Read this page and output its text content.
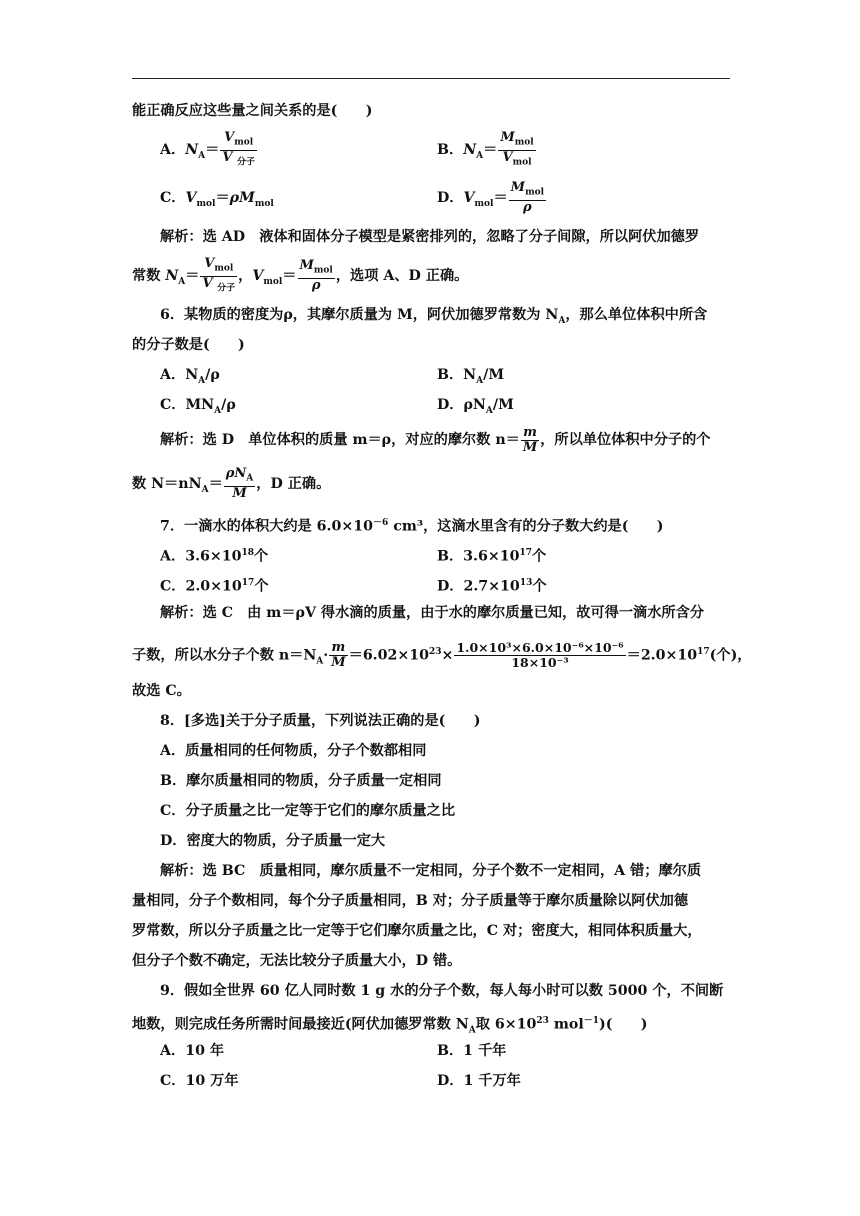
能正确反应这些量之间关系的是(　　)
A．$N_A=$
$V_{mol}$
V $_{分子}$
B．$N_A=$
$M_{mol}$
$V_{mol}$
C．$V_{mol}=\rho M_{mol}$	D．$V_{mol}=$
$M_{mol}$
ρ
解析：选 AD　液体和固体分子模型是紧密排列的，忽略了分子间隙，所以阿伏加德罗
常数 $N_A=$
$V_{mol}$
V $_{分子}$
，$V_{mol}=$
$M_{mol}$
ρ
，选项 A、D 正确。
6．某物质的密度为ρ，其摩尔质量为 M，阿伏加德罗常数为 $N_A$，那么单位体积中所含
的分子数是(　　)
A．$N_A/\rho$	B．$N_A/M$
C．$MN_A/\rho$	D．$\rho N_A/M$
解析：选 D　单位体积的质量 m＝ρ，对应的摩尔数 $n= \frac{m}{M}$ ，所以单位体积中分子的个
数 $N=nN_A=$
$\rho N_A$
M
，D 正确。
7．一滴水的体积大约是 $6.0\times 10^{-6}$ cm³，这滴水里含有的分子数大约是(　　)
A．$3.6\times 10^{18}$个	B．$3.6\times 10^{17}$个
C．$2.0\times 10^{17}$个	D．$2.7\times 10^{13}$个
解析：选 C　由 m＝ρV 得水滴的质量，由于水的摩尔质量已知，故可得一滴水所含分
子数，所以水分子个数 $n=N_A\cdot \frac{m}{M} =6.02\times 10^{23}\times \frac{\text{1.0×10³×6.0×10⁻⁶×10⁻⁶}}{\text{18×10⁻³}} =2.0\times 10^{17}$(个)，
故选 C。
8．[多选]关于分子质量，下列说法正确的是(　　)
A．质量相同的任何物质，分子个数都相同
B．摩尔质量相同的物质，分子质量一定相同
C．分子质量之比一定等于它们的摩尔质量之比
D．密度大的物质，分子质量一定大
解析：选 BC　质量相同，摩尔质量不一定相同，分子个数不一定相同，A 错；摩尔质
量相同，分子个数相同，每个分子质量相同，B 对；分子质量等于摩尔质量除以阿伏加德
罗常数，所以分子质量之比一定等于它们摩尔质量之比，C 对；密度大，相同体积质量大，
但分子个数不确定，无法比较分子质量大小，D 错。
9．假如全世界 60 亿人同时数 1 g 水的分子个数，每人每小时可以数 5000 个，不间断
地数，则完成任务所需时间最接近(阿伏加德罗常数 $N_A$取 $6\times 10^{23}$ mol$^{-1}$)(　　)
A．10 年	B．1 千年
C．10 万年	D．1 千万年
